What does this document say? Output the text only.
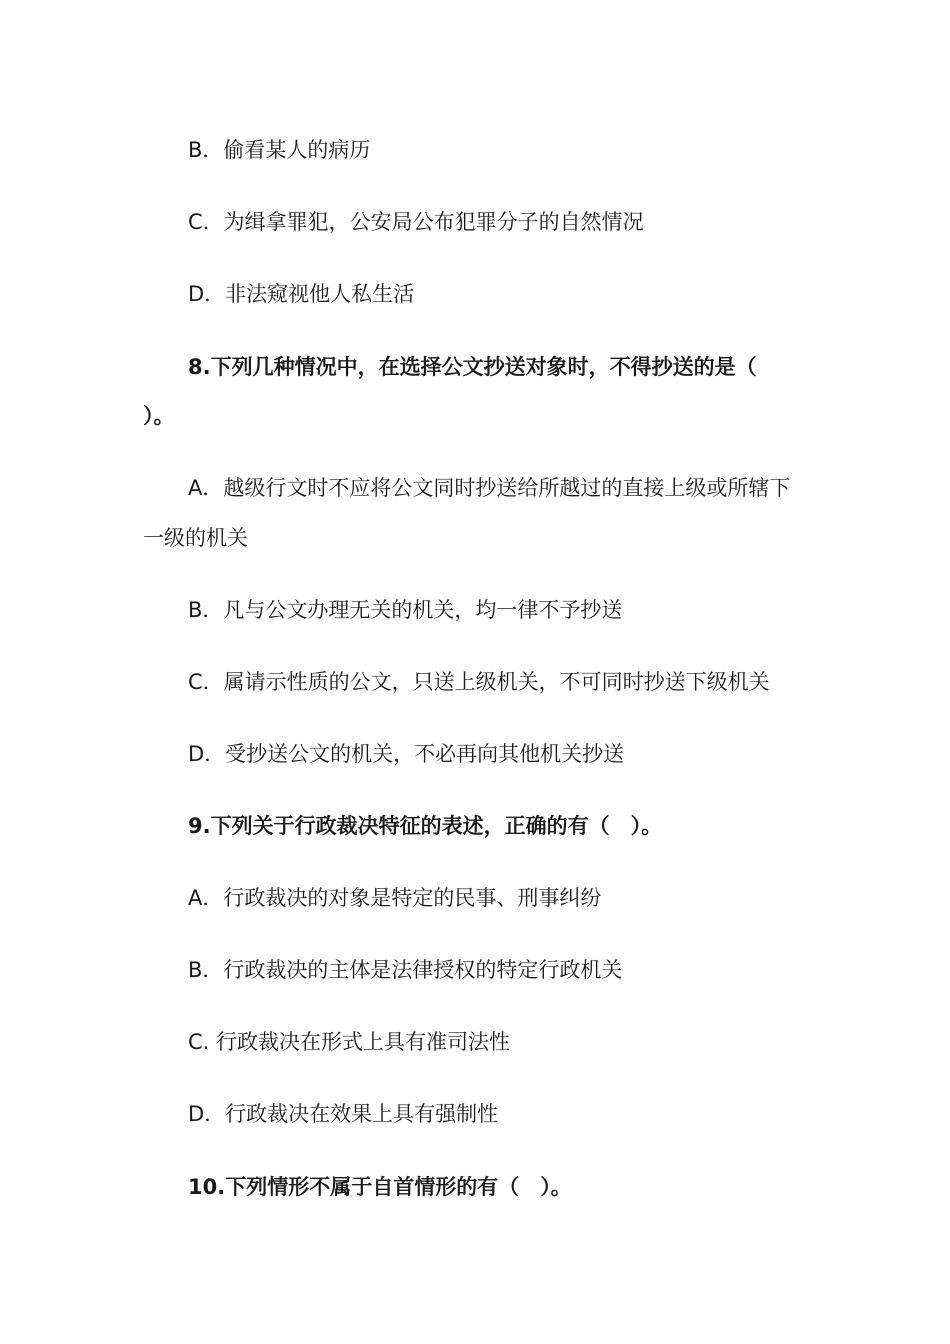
B．偷看某人的病历
C．为缉拿罪犯，公安局公布犯罪分子的自然情况
D．非法窥视他人私生活
8.下列几种情况中，在选择公文抄送对象时，不得抄送的是（
）。
A．越级行文时不应将公文同时抄送给所越过的直接上级或所辖下
一级的机关
B．凡与公文办理无关的机关，均一律不予抄送
C．属请示性质的公文，只送上级机关，不可同时抄送下级机关
D．受抄送公文的机关，不必再向其他机关抄送
9.下列关于行政裁决特征的表述，正确的有（　）。
A．行政裁决的对象是特定的民事、刑事纠纷
B．行政裁决的主体是法律授权的特定行政机关
C. 行政裁决在形式上具有准司法性
D．行政裁决在效果上具有强制性
10.下列情形不属于自首情形的有（　）。
